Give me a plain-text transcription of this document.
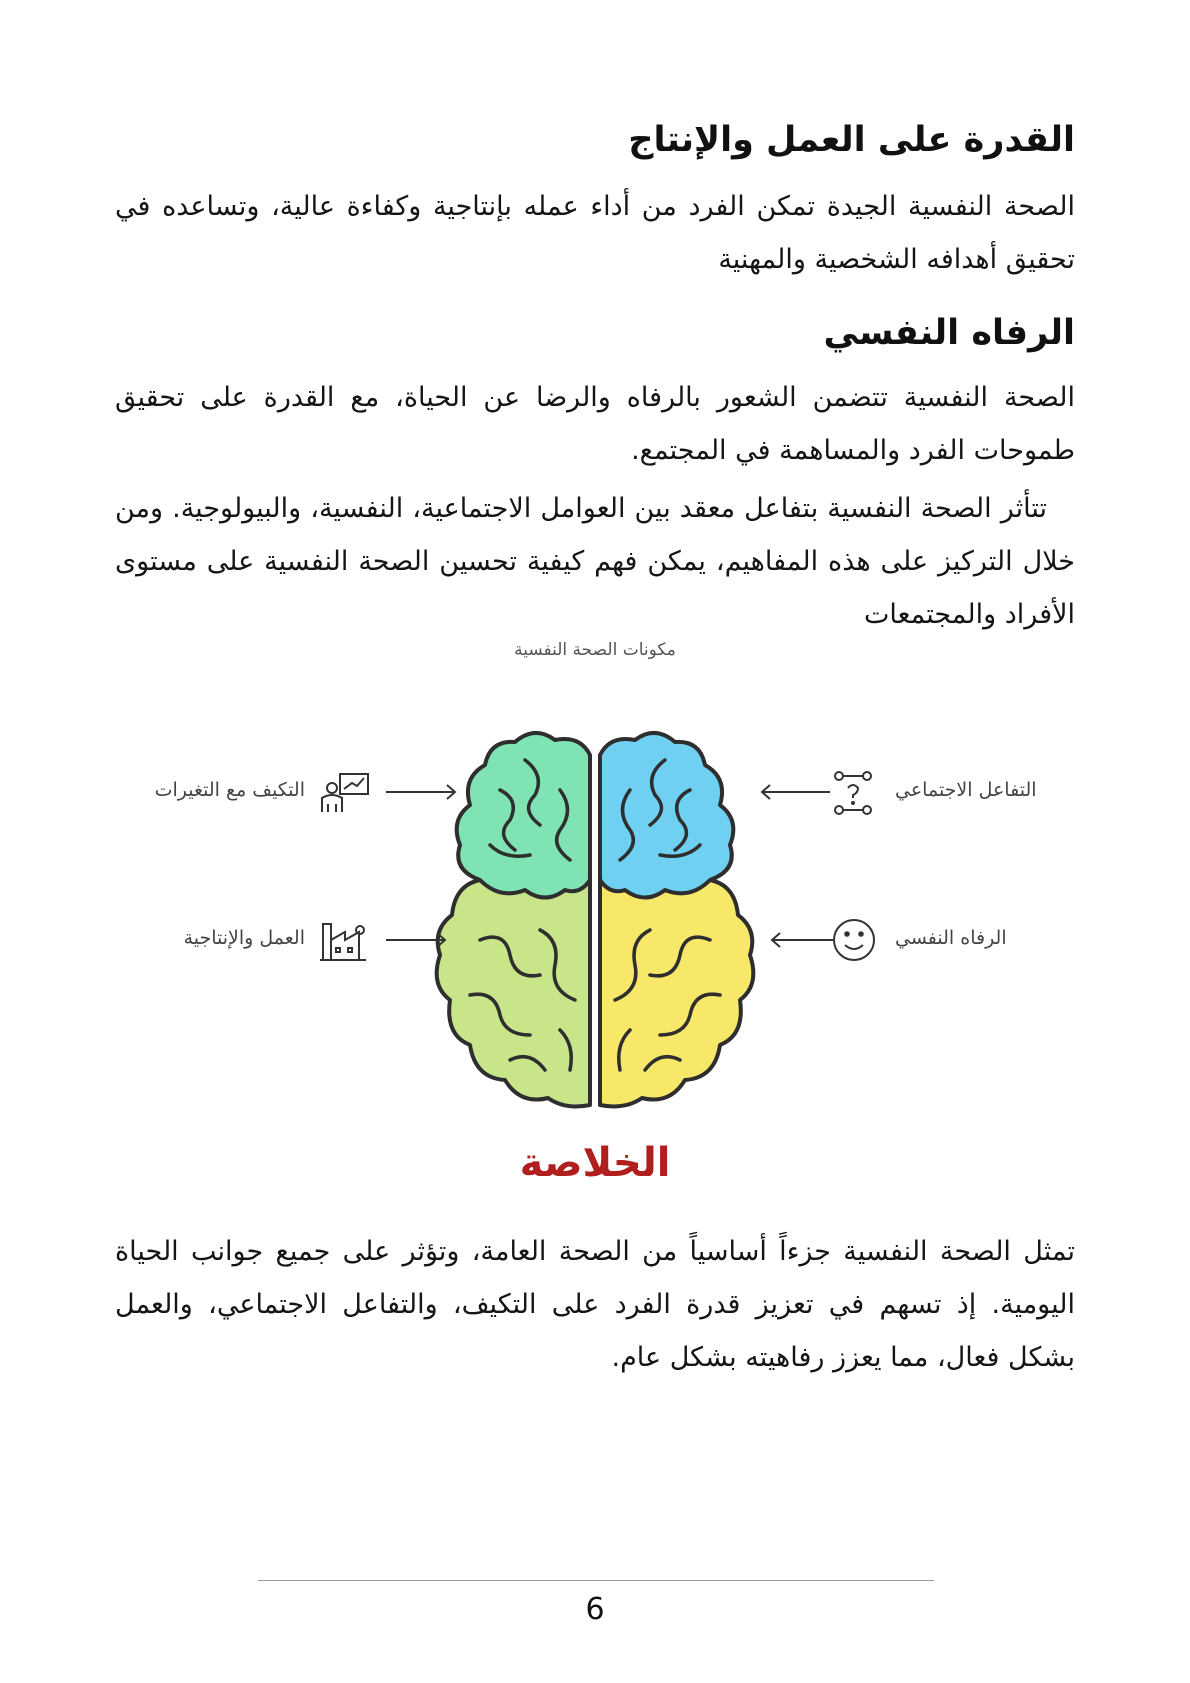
القدرة على العمل والإنتاج

الصحة النفسية الجيدة تمكن الفرد من أداء عمله بإنتاجية وكفاءة عالية، وتساعده في تحقيق أهدافه الشخصية والمهنية

الرفاه النفسي

الصحة النفسية تتضمن الشعور بالرفاه والرضا عن الحياة، مع القدرة على تحقيق طموحات الفرد والمساهمة في المجتمع.

تتأثر الصحة النفسية بتفاعل معقد بين العوامل الاجتماعية، النفسية، والبيولوجية. ومن خلال التركيز على هذه المفاهيم، يمكن فهم كيفية تحسين الصحة النفسية على مستوى الأفراد والمجتمعات

مكونات الصحة النفسية
التكيف مع التغيرات
العمل والإنتاجية
التفاعل الاجتماعي
الرفاه النفسي
الخلاصة

تمثل الصحة النفسية جزءاً أساسياً من الصحة العامة، وتؤثر على جميع جوانب الحياة اليومية. إذ تسهم في تعزيز قدرة الفرد على التكيف، والتفاعل الاجتماعي، والعمل بشكل فعال، مما يعزز رفاهيته بشكل عام.

6
